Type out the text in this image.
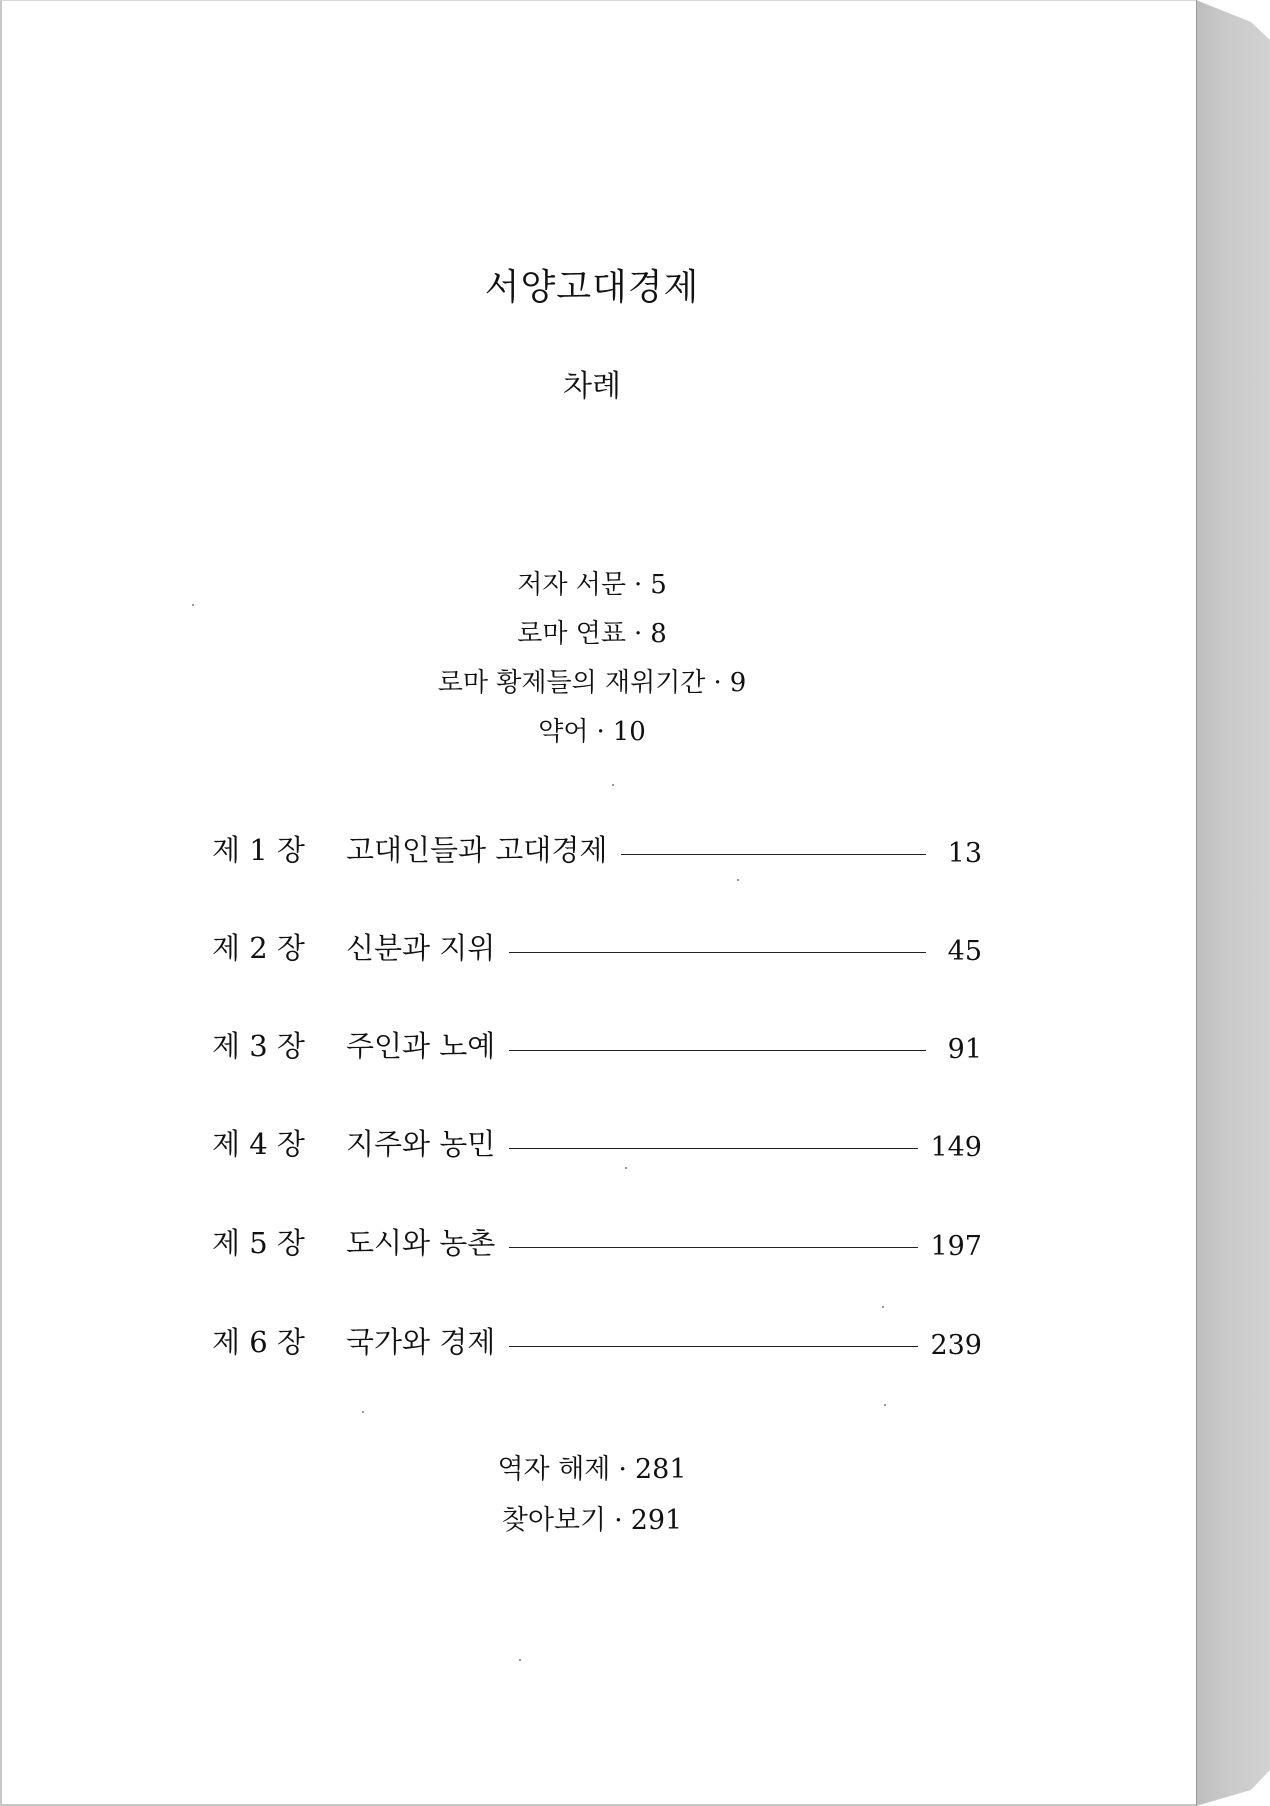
서양고대경제
차례
저자 서문 · 5
로마 연표 · 8
로마 황제들의 재위기간 · 9
약어 · 10
제 1 장	고대인들과 고대경제	13
제 2 장	신분과 지위	45
제 3 장	주인과 노예	91
제 4 장	지주와 농민	149
제 5 장	도시와 농촌	197
제 6 장	국가와 경제	239
역자 해제 · 281
찾아보기 · 291
